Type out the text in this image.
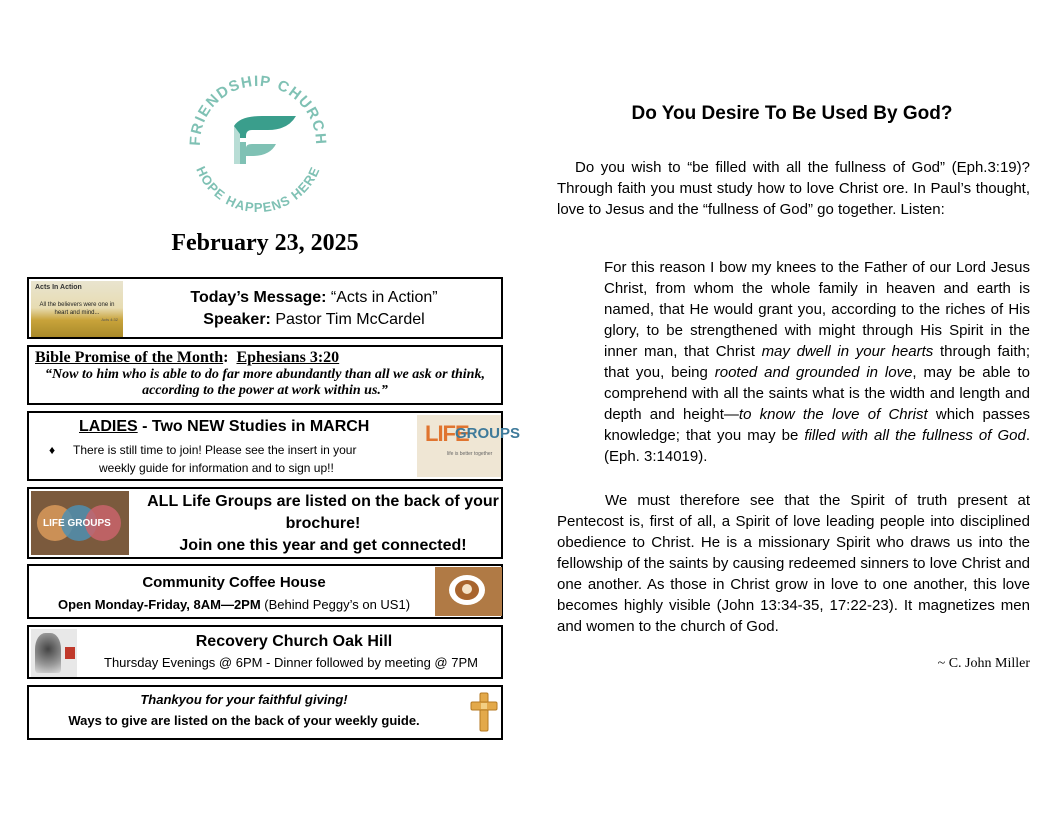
FRIENDSHIP CHURCH
HOPE HAPPENS HERE
February 23, 2025
Acts In Action
All the believers were one in heart and mind...
Acts 4:32
Today’s Message: “Acts in Action”
Speaker: Pastor Tim McCardel
Bible Promise of the Month: Ephesians 3:20
“Now to him who is able to do far more abundantly than all we ask or think, according to the power at work within us.”
LADIES - Two NEW Studies in MARCH
♦	There is still time to join! Please see the insert in your
weekly guide for information and to sign up!!
LIFE
GROUPS
life is better together
LIFE GROUPS
ALL Life Groups are listed on the back of your
brochure!
Join one this year and get connected!
Community Coffee House
Open Monday-Friday, 8AM—2PM (Behind Peggy’s on US1)
Recovery Church Oak Hill
Thursday Evenings @ 6PM - Dinner followed by meeting @ 7PM
Thankyou for your faithful giving!
Ways to give are listed on the back of your weekly guide.
Do You Desire To Be Used By God?
Do you wish to “be filled with all the fullness of God” (Eph.3:19)? Through faith you must study how to love Christ ore. In Paul’s thought, love to Jesus and the “fullness of God” go together. Listen:
For this reason I bow my knees to the Father of our Lord Jesus Christ, from whom the whole family in heaven and earth is named, that He would grant you, according to the riches of His glory, to be strengthened with might through His Spirit in the inner man, that Christ may dwell in your hearts through faith; that you, being rooted and grounded in love, may be able to comprehend with all the saints what is the width and length and depth and height—to know the love of Christ which passes knowledge; that you may be filled with all the fullness of God. (Eph. 3:14019).
We must therefore see that the Spirit of truth present at Pentecost is, first of all, a Spirit of love leading people into disciplined obedience to Christ. He is a missionary Spirit who draws us into the fellowship of the saints by causing redeemed sinners to love Christ and one another. As those in Christ grow in love to one another, this love becomes highly visible (John 13:34-35, 17:22-23). It magnetizes men and women to the church of God.
~ C. John Miller
